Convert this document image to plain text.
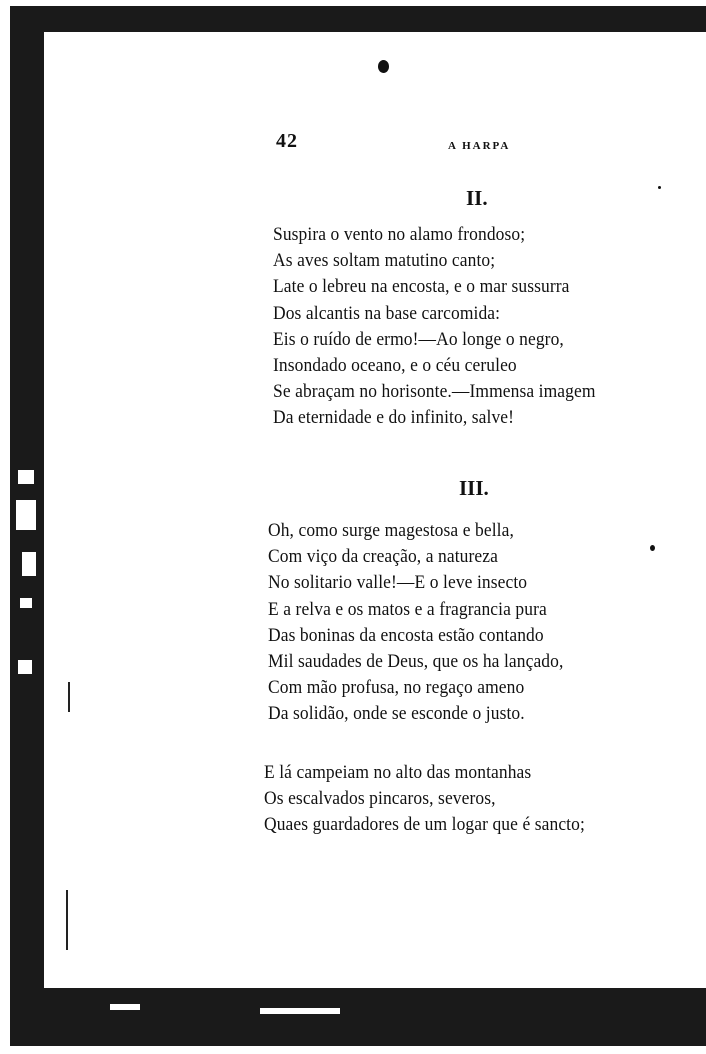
42	A HARPA
II.
Suspira o vento no alamo frondoso;
As aves soltam matutino canto;
Late o lebreu na encosta, e o mar sussurra
Dos alcantis na base carcomida:
Eis o ruído de ermo!—Ao longe o negro,
Insondado oceano, e o céu ceruleo
Se abraçam no horisonte.—Immensa imagem
Da eternidade e do infinito, salve!
III.
Oh, como surge magestosa e bella,
Com viço da creação, a natureza
No solitario valle!—E o leve insecto
E a relva e os matos e a fragrancia pura
Das boninas da encosta estão contando
Mil saudades de Deus, que os ha lançado,
Com mão profusa, no regaço ameno
Da solidão, onde se esconde o justo.
E lá campeiam no alto das montanhas
Os escalvados pincaros, severos,
Quaes guardadores de um logar que é sancto;
